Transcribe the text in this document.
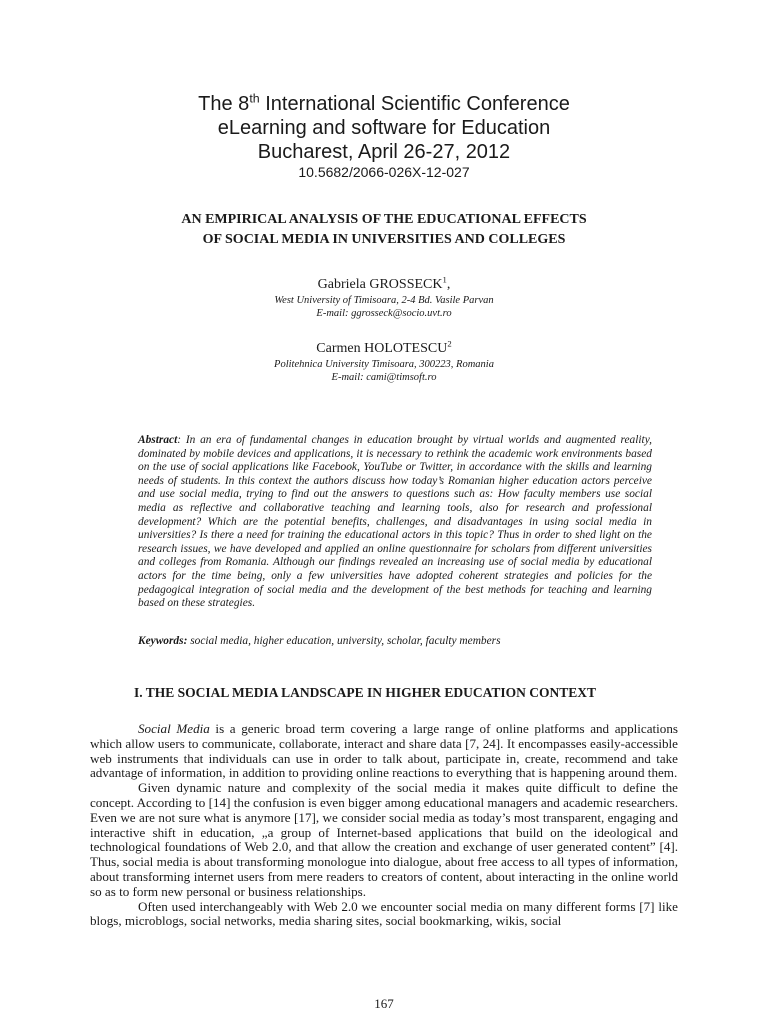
The 8th International Scientific Conference
eLearning and software for Education
Bucharest, April 26-27, 2012
10.5682/2066-026X-12-027
AN EMPIRICAL ANALYSIS OF THE EDUCATIONAL EFFECTS
OF SOCIAL MEDIA IN UNIVERSITIES AND COLLEGES
Gabriela GROSSECK$^1$,
West University of Timisoara, 2-4 Bd. Vasile Parvan
E-mail: ggrosseck@socio.uvt.ro
Carmen HOLOTESCU$^2$
Politehnica University Timisoara, 300223, Romania
E-mail: cami@timsoft.ro
Abstract: In an era of fundamental changes in education brought by virtual worlds and augmented reality, dominated by mobile devices and applications, it is necessary to rethink the academic work environments based on the use of social applications like Facebook, YouTube or Twitter, in accordance with the skills and learning needs of students. In this context the authors discuss how today’s Romanian higher education actors perceive and use social media, trying to find out the answers to questions such as: How faculty members use social media as reflective and collaborative teaching and learning tools, also for research and professional development? Which are the potential benefits, challenges, and disadvantages in using social media in universities? Is there a need for training the educational actors in this topic? Thus in order to shed light on the research issues, we have developed and applied an online questionnaire for scholars from different universities and colleges from Romania. Although our findings revealed an increasing use of social media by educational actors for the time being, only a few universities have adopted coherent strategies and policies for the pedagogical integration of social media and the development of the best methods for teaching and learning based on these strategies.
Keywords: social media, higher education, university, scholar, faculty members
I. THE SOCIAL MEDIA LANDSCAPE IN HIGHER EDUCATION CONTEXT

Social Media is a generic broad term covering a large range of online platforms and applications which allow users to communicate, collaborate, interact and share data [7, 24]. It encompasses easily-accessible web instruments that individuals can use in order to talk about, participate in, create, recommend and take advantage of information, in addition to providing online reactions to everything that is happening around them.

Given dynamic nature and complexity of the social media it makes quite difficult to define the concept. According to [14] the confusion is even bigger among educational managers and academic researchers. Even we are not sure what is anymore [17], we consider social media as today’s most transparent, engaging and interactive shift in education, „a group of Internet-based applications that build on the ideological and technological foundations of Web 2.0, and that allow the creation and exchange of user generated content” [4]. Thus, social media is about transforming monologue into dialogue, about free access to all types of information, about transforming internet users from mere readers to creators of content, about interacting in the online world so as to form new personal or business relationships.

Often used interchangeably with Web 2.0 we encounter social media on many different forms [7] like blogs, microblogs, social networks, media sharing sites, social bookmarking, wikis, social

167
